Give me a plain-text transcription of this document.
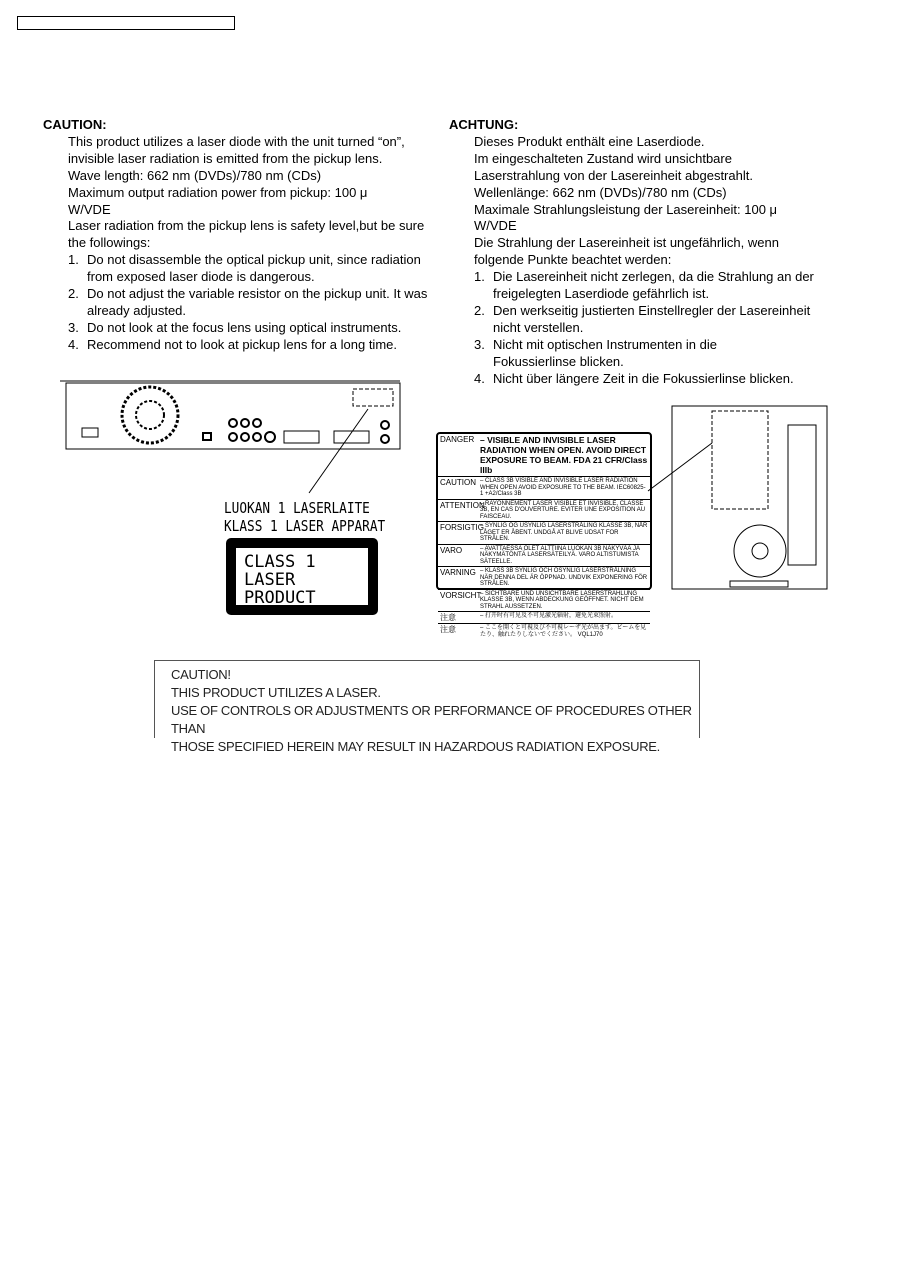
CAUTION:

This product utilizes a laser diode with the unit turned “on”, invisible laser radiation is emitted from the pickup lens.

Wave length: 662 nm (DVDs)/780 nm (CDs)

Maximum output radiation power from pickup: 100 μ W/VDE

Laser radiation from the pickup lens is safety level,but be sure the followings:

1. Do not disassemble the optical pickup unit, since radiation from exposed laser diode is dangerous.
2. Do not adjust the variable resistor on the pickup unit. It was already adjusted.
3. Do not look at the focus lens using optical instruments.
4. Recommend not to look at pickup lens for a long time.
ACHTUNG:

Dieses Produkt enthält eine Laserdiode.

Im eingeschalteten Zustand wird unsichtbare Laserstrahlung von der Lasereinheit abgestrahlt.

Wellenlänge: 662 nm (DVDs)/780 nm (CDs)

Maximale Strahlungsleistung der Lasereinheit: 100 μ W/VDE

Die Strahlung der Lasereinheit ist ungefährlich, wenn folgende Punkte beachtet werden:

1. Die Lasereinheit nicht zerlegen, da die Strahlung an der freigelegten Laserdiode gefährlich ist.
2. Den werkseitig justierten Einstellregler der Lasereinheit nicht verstellen.
3. Nicht mit optischen Instrumenten in die Fokussierlinse blicken.
4. Nicht über längere Zeit in die Fokussierlinse blicken.
LUOKAN 1 LASERLAITE
KLASS 1 LASER APPARAT
CLASS 1
LASER PRODUCT
DANGER – VISIBLE AND INVISIBLE LASER RADIATION WHEN OPEN. AVOID DIRECT EXPOSURE TO BEAM. FDA 21 CFR/Class IIIb
CAUTION – CLASS 3B VISIBLE AND INVISIBLE LASER RADIATION WHEN OPEN AVOID EXPOSURE TO THE BEAM. IEC60825-1 +A2/Class 3B
ATTENTION
– RAYONNEMENT LASER VISIBLE ET INVISIBLE, CLASSE 3B, EN CAS D'OUVERTURE. EVITER UNE EXPOSITION AU FAISCEAU.
FORSIGTIG
– SYNLIG OG USYNLIG LASERSTRÅLING KLASSE 3B, NÅR LÅGET ER ÅBENT. UNDGÅ AT BLIVE UDSAT FOR STRÅLEN.
VARO	– AVATTAESSA OLET ALTTIINA LUOKAN 3B NÄKYVÄÄ JA NÄKYMÄTÖNTÄ LASERSÄTEILYÄ. VARO ALTISTUMISTA SÄTEELLE.
VARNING – KLASS 3B SYNLIG OCH OSYNLIG LASERSTRÅLNING NÄR DENNA DEL ÄR ÖPPNAD. UNDVIK EXPONERING FÖR STRÅLEN.
VORSICHT
– SICHTBARE UND UNSICHTBARE LASERSTRAHLUNG KLASSE 3B, WENN ABDECKUNG GEÖFFNET. NICHT DEM STRAHL AUSSETZEN.
注意	– 打开时有可见及不可见激光辐射，避免光束照射。
注意	– ここを開くと可視及び不可視レーザ光が出ます。ビームを見たり、触れたりしないでください。 VQL1J70
CAUTION!
THIS PRODUCT UTILIZES A LASER.
USE OF CONTROLS OR ADJUSTMENTS OR PERFORMANCE OF PROCEDURES OTHER THAN
THOSE SPECIFIED HEREIN MAY RESULT IN HAZARDOUS RADIATION EXPOSURE.
